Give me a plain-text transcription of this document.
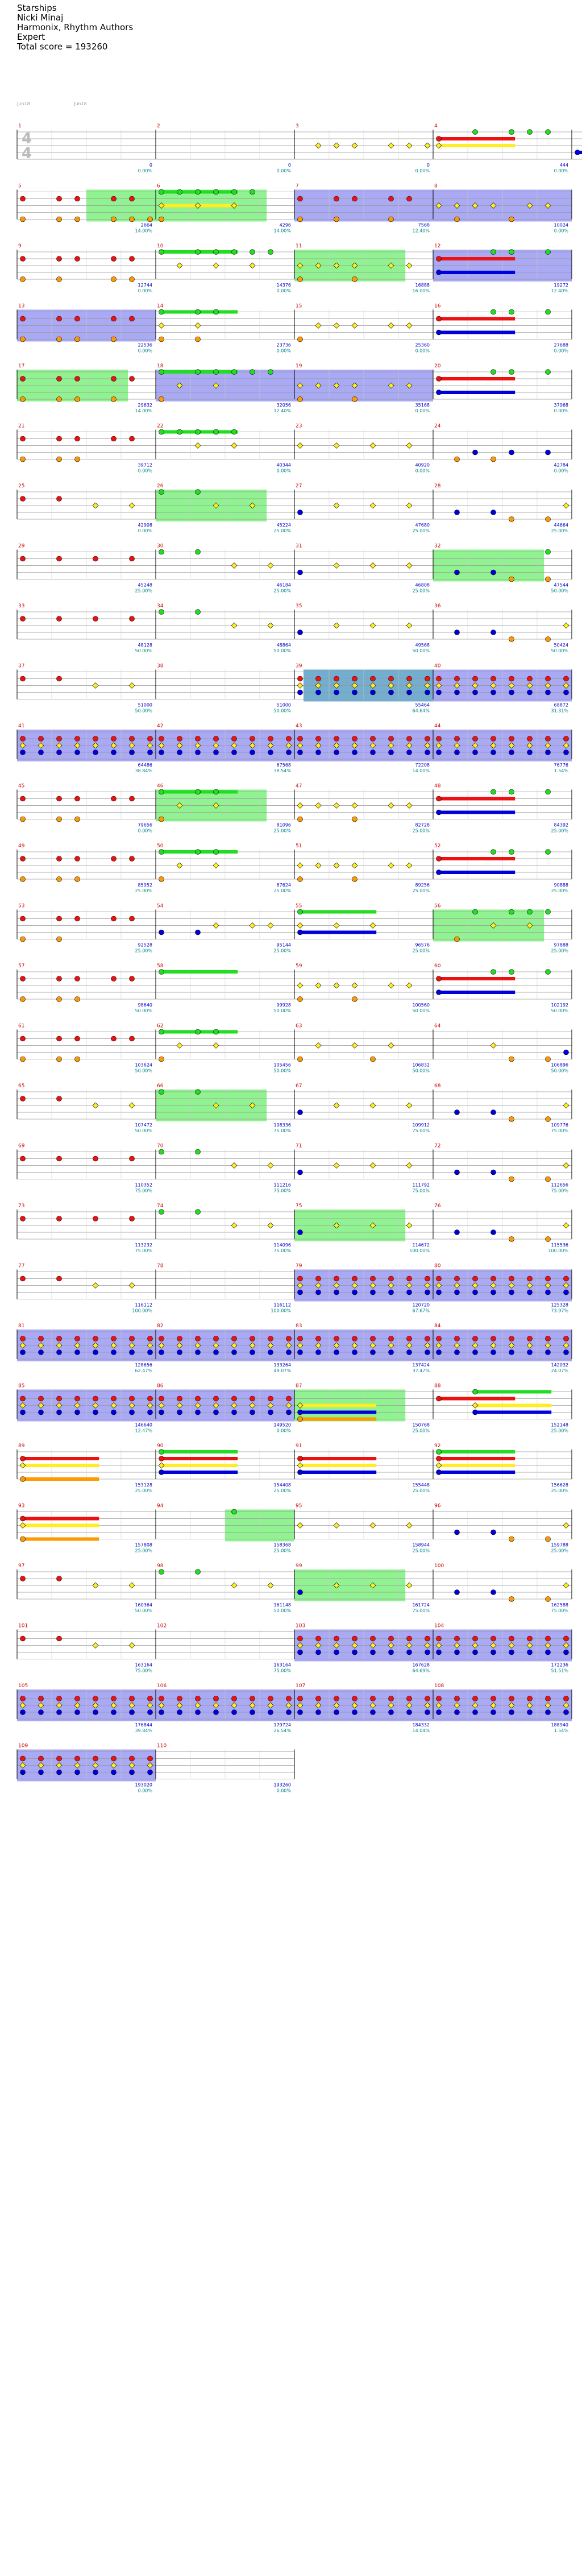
Starships
Nicki Minaj
Harmonix, Rhythm Authors
Expert
Total score = 193260
Jun18	Jun18
1
0
0.00%
2
0
0.00%
3
0
0.00%
4
444
0.00%
5
2664
14.00%
6
4296
14.00%
7
7568
12.40%
8
10024
0.00%
9
12744
0.00%
10
14376
0.00%
11
16888
16.00%
12
19272
12.40%
13
22536
0.00%
14
23736
0.00%
15
25360
0.00%
16
27688
0.00%
17
29632
14.00%
18
32056
12.40%
19
35168
0.00%
20
37968
0.00%
21
39712
0.00%
22
40344
0.00%
23
40920
0.00%
24
42784
0.00%
25
42908
0.00%
26
45224
25.00%
27
47680
25.00%
28
44664
25.00%
29
45248
25.00%
30
46184
25.00%
31
46808
25.00%
32
47544
50.00%
33
48128
50.00%
34
48864
50.00%
35
49568
50.00%
36
50424
50.00%
37
51000
50.00%
38
51000
50.00%
39
55464
64.64%
40
68872
31.31%
41
64486
38.84%
42
67568
38.54%
43
72208
14.00%
44
76776
1.54%
45
79656
0.00%
46
81096
25.00%
47
82728
25.00%
48
84392
25.00%
49
85952
25.00%
50
87624
25.00%
51
89256
25.00%
52
90888
25.00%
53
92528
25.00%
54
95144
25.00%
55
96576
25.00%
56
97888
25.00%
57
98640
50.00%
58
99928
50.00%
59
100560
50.00%
60
102192
50.00%
61
103624
50.00%
62
105456
50.00%
63
106832
50.00%
64
106896
50.00%
65
107472
50.00%
66
108336
75.00%
67
109912
75.00%
68
109776
75.00%
69
110352
75.00%
70
111216
75.00%
71
111792
75.00%
72
112656
75.00%
73
113232
75.00%
74
114096
75.00%
75
114672
100.00%
76
115536
100.00%
77
116112
100.00%
78
116112
100.00%
79
120720
67.67%
80
125328
73.97%
81
128656
62.47%
82
133264
49.07%
83
137424
37.47%
84
142032
24.07%
85
146640
12.47%
86
149520
0.00%
87
150768
25.00%
88
152148
25.00%
89
153128
25.00%
90
154408
25.00%
91
155448
25.00%
92
156628
25.00%
93
157808
25.00%
94
158368
25.00%
95
158944
25.00%
96
159788
25.00%
97
160364
50.00%
98
161148
50.00%
99
161724
75.00%
100
162588
75.00%
101
163164
75.00%
102
163164
75.00%
103
167628
64.69%
104
172236
51.51%
105
176844
39.84%
106
179724
26.54%
107
184332
14.04%
108
188940
1.54%
109
193020
0.00%
110
193260
0.00%
4
4
